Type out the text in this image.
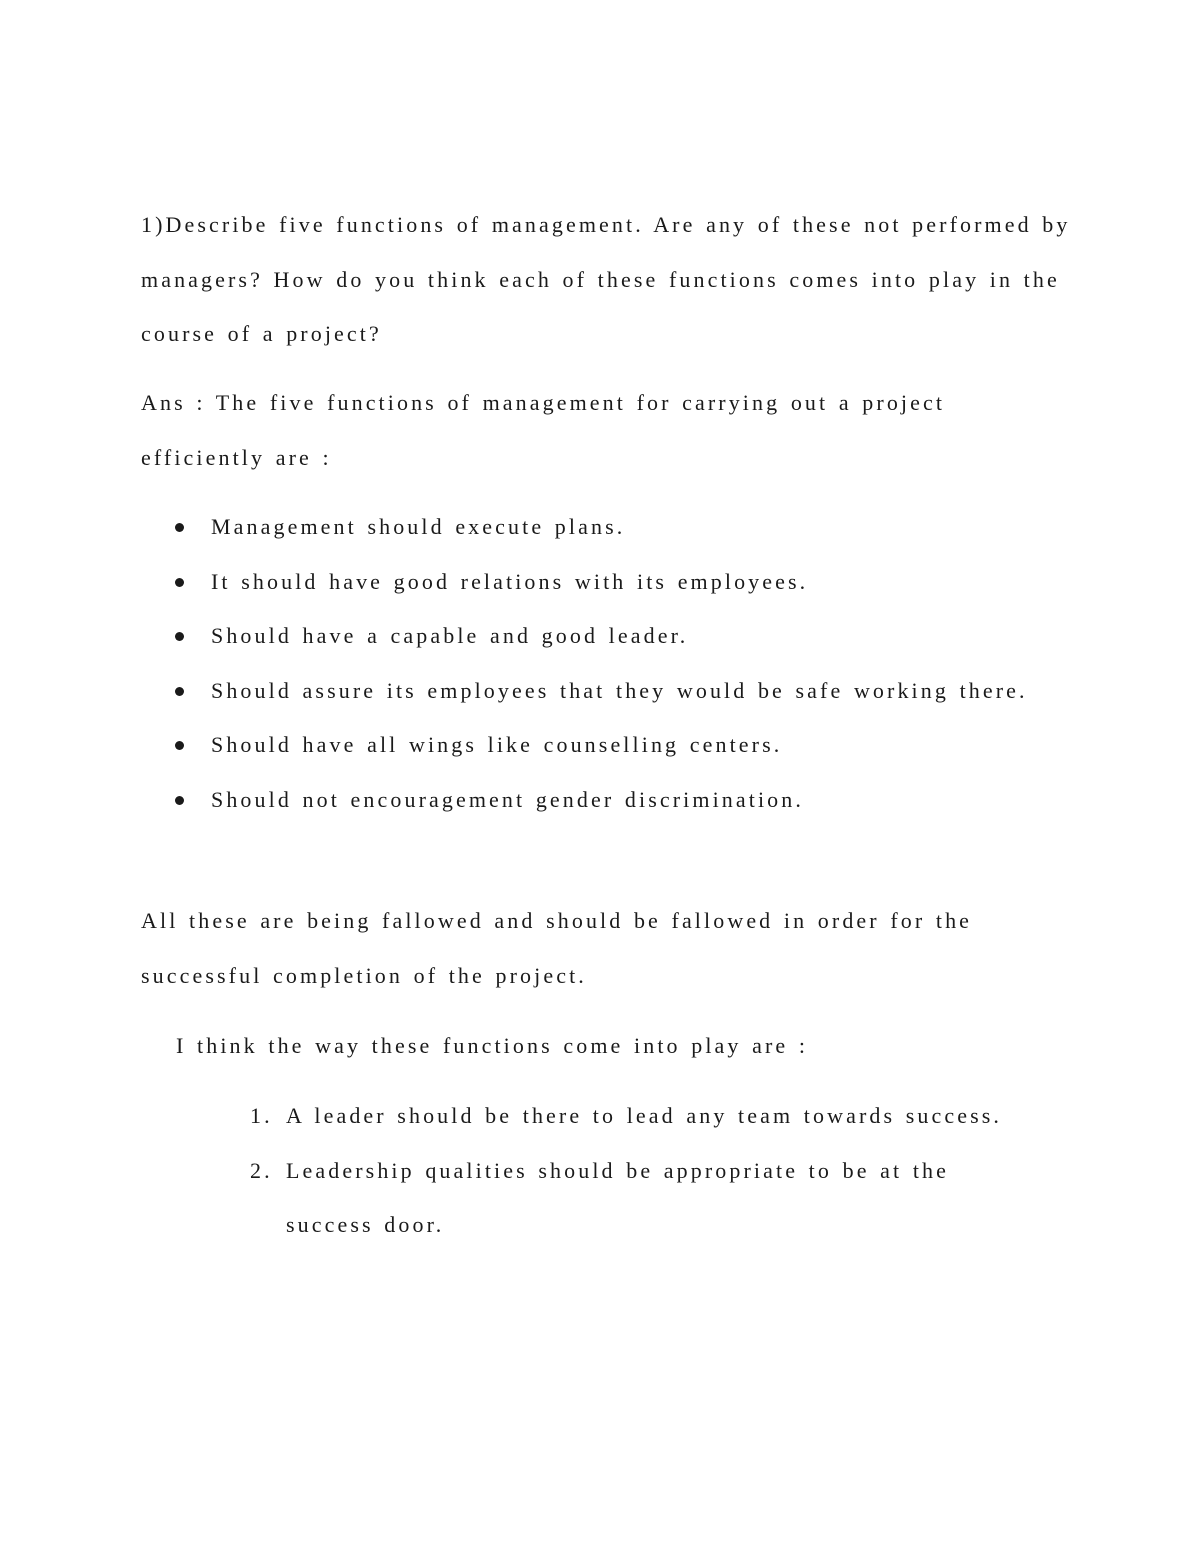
1)Describe five functions of management. Are any of these not performed by managers? How do you think each of these functions comes into play in the course of a project?

Ans : The five functions of management for carrying out a project efficiently are :

Management should execute plans.
It should have good relations with its employees.
Should have a capable and good leader.
Should assure its employees that they would be safe working there.
Should have all wings like counselling centers.
Should not encouragement gender discrimination.

All these are being fallowed and should be fallowed in order for the successful completion of the project.

I think the way these functions come into play are :

1. A leader should be there to lead any team towards success.
2. Leadership qualities should be appropriate to be at the success door.
